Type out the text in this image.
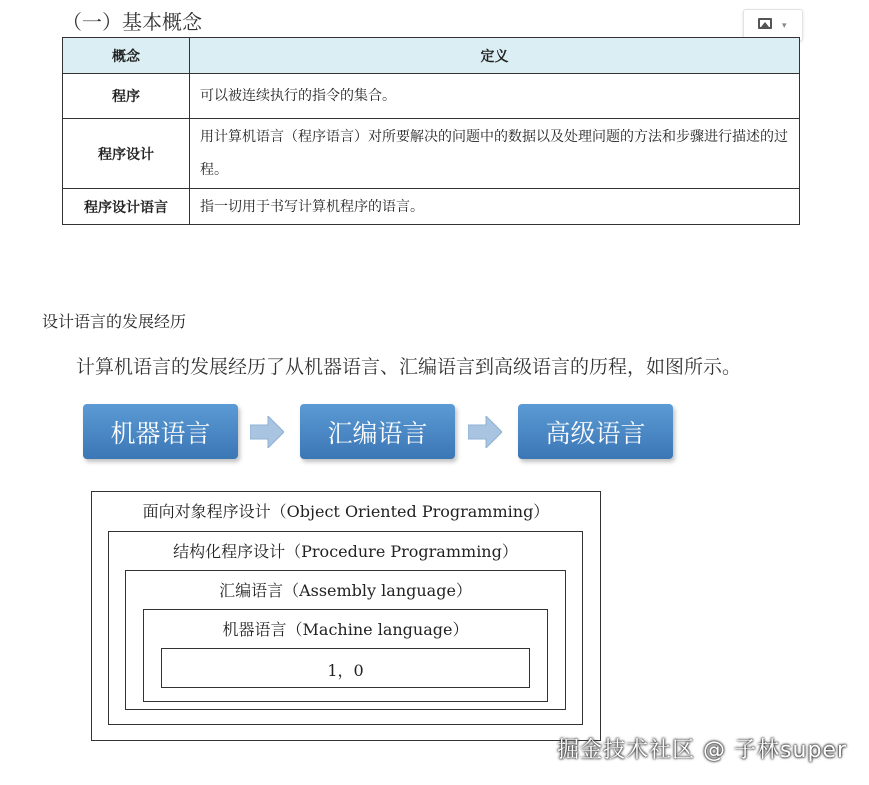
（一）基本概念	▾
概念	定义
程序	可以被连续执行的指令的集合。
程序设计	用计算机语言（程序语言）对所要解决的问题中的数据以及处理问题的方法和步骤进行描述的过程。
程序设计语言	指一切用于书写计算机程序的语言。
设计语言的发展经历
计算机语言的发展经历了从机器语言、汇编语言到高级语言的历程，如图所示。
机器语言	汇编语言	高级语言
面向对象程序设计（Object Oriented Programming）
结构化程序设计（Procedure Programming）
汇编语言（Assembly language）
机器语言（Machine language）
1，0
掘金技术社区 @ 子林super
